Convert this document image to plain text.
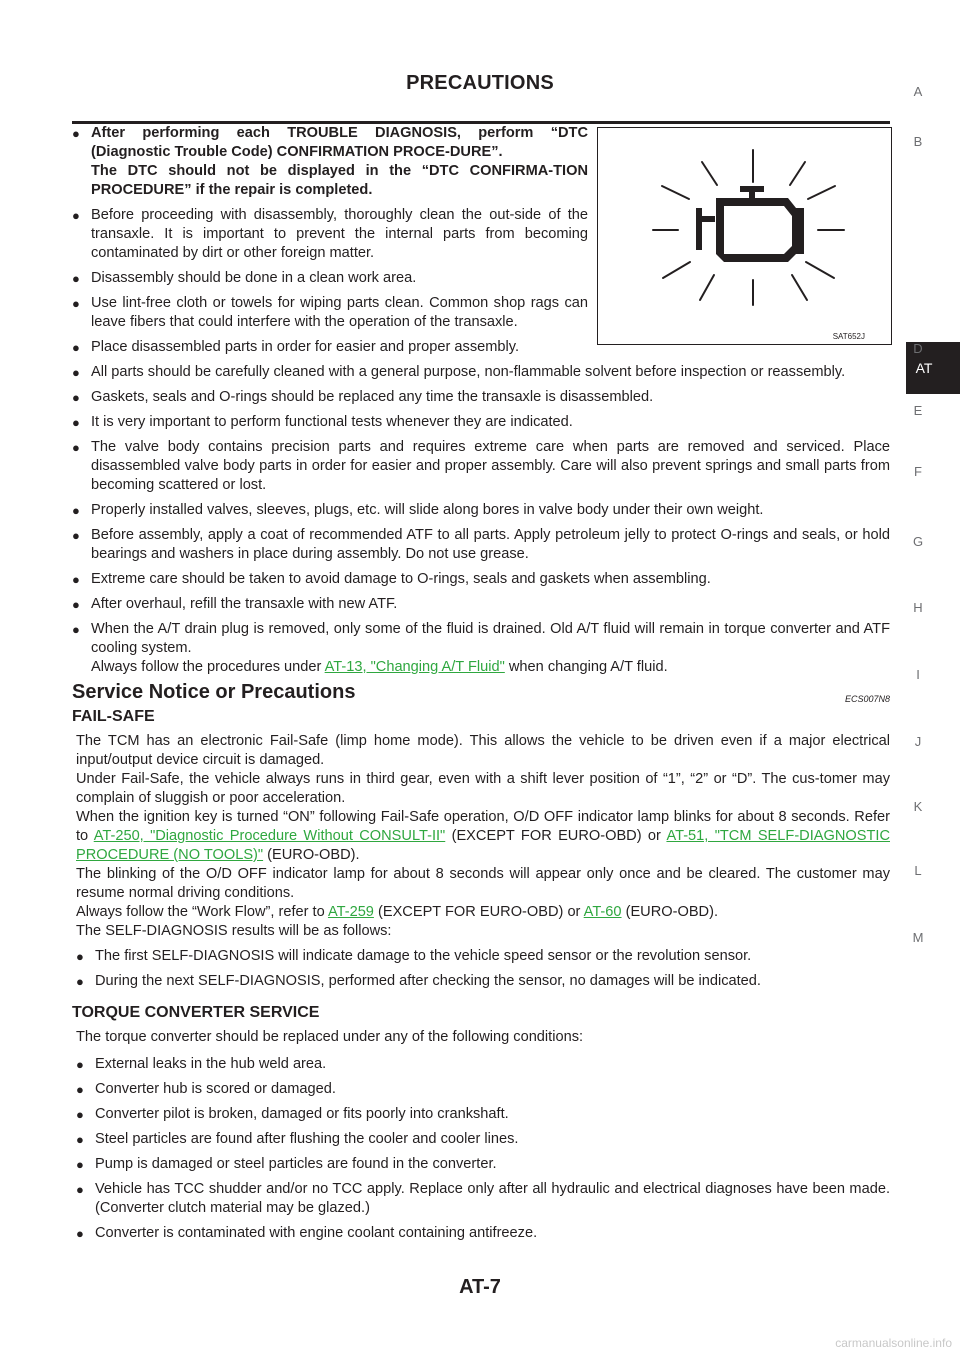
PRECAUTIONS	A
B
AT
D
E
F
G
H
I
J
K
L
M
SAT652J
● After performing each TROUBLE DIAGNOSIS, perform “DTC (Diagnostic Trouble Code) CONFIRMATION PROCE-DURE”.
The DTC should not be displayed in the “DTC CONFIRMA-TION PROCEDURE” if the repair is completed.
● Before proceeding with disassembly, thoroughly clean the out-side of the transaxle. It is important to prevent the internal parts from becoming contaminated by dirt or other foreign matter.
● Disassembly should be done in a clean work area.
● Use lint-free cloth or towels for wiping parts clean. Common shop rags can leave fibers that could interfere with the operation of the transaxle.
● Place disassembled parts in order for easier and proper assembly.
● All parts should be carefully cleaned with a general purpose, non-flammable solvent before inspection or reassembly.
● Gaskets, seals and O-rings should be replaced any time the transaxle is disassembled.
● It is very important to perform functional tests whenever they are indicated.
● The valve body contains precision parts and requires extreme care when parts are removed and serviced. Place disassembled valve body parts in order for easier and proper assembly. Care will also prevent springs and small parts from becoming scattered or lost.
● Properly installed valves, sleeves, plugs, etc. will slide along bores in valve body under their own weight.
● Before assembly, apply a coat of recommended ATF to all parts. Apply petroleum jelly to protect O-rings and seals, or hold bearings and washers in place during assembly. Do not use grease.
● Extreme care should be taken to avoid damage to O-rings, seals and gaskets when assembling.
● After overhaul, refill the transaxle with new ATF.
● When the A/T drain plug is removed, only some of the fluid is drained. Old A/T fluid will remain in torque converter and ATF cooling system.
Always follow the procedures under AT-13, "Changing A/T Fluid" when changing A/T fluid.
Service Notice or Precautions	ECS007N8
FAIL-SAFE
The TCM has an electronic Fail-Safe (limp home mode). This allows the vehicle to be driven even if a major electrical input/output device circuit is damaged.
Under Fail-Safe, the vehicle always runs in third gear, even with a shift lever position of “1”, “2” or “D”. The cus-tomer may complain of sluggish or poor acceleration.
When the ignition key is turned “ON” following Fail-Safe operation, O/D OFF indicator lamp blinks for about 8 seconds. Refer to AT-250, "Diagnostic Procedure Without CONSULT-II" (EXCEPT FOR EURO-OBD) or AT-51, "TCM SELF-DIAGNOSTIC PROCEDURE (NO TOOLS)" (EURO-OBD).
The blinking of the O/D OFF indicator lamp for about 8 seconds will appear only once and be cleared. The customer may resume normal driving conditions.
Always follow the “Work Flow”, refer to AT-259 (EXCEPT FOR EURO-OBD) or AT-60 (EURO-OBD).
The SELF-DIAGNOSIS results will be as follows:
● The first SELF-DIAGNOSIS will indicate damage to the vehicle speed sensor or the revolution sensor.
● During the next SELF-DIAGNOSIS, performed after checking the sensor, no damages will be indicated.
TORQUE CONVERTER SERVICE
The torque converter should be replaced under any of the following conditions:
● External leaks in the hub weld area.
● Converter hub is scored or damaged.
● Converter pilot is broken, damaged or fits poorly into crankshaft.
● Steel particles are found after flushing the cooler and cooler lines.
● Pump is damaged or steel particles are found in the converter.
● Vehicle has TCC shudder and/or no TCC apply. Replace only after all hydraulic and electrical diagnoses have been made. (Converter clutch material may be glazed.)
● Converter is contaminated with engine coolant containing antifreeze.
AT-7
carmanualsonline.info
